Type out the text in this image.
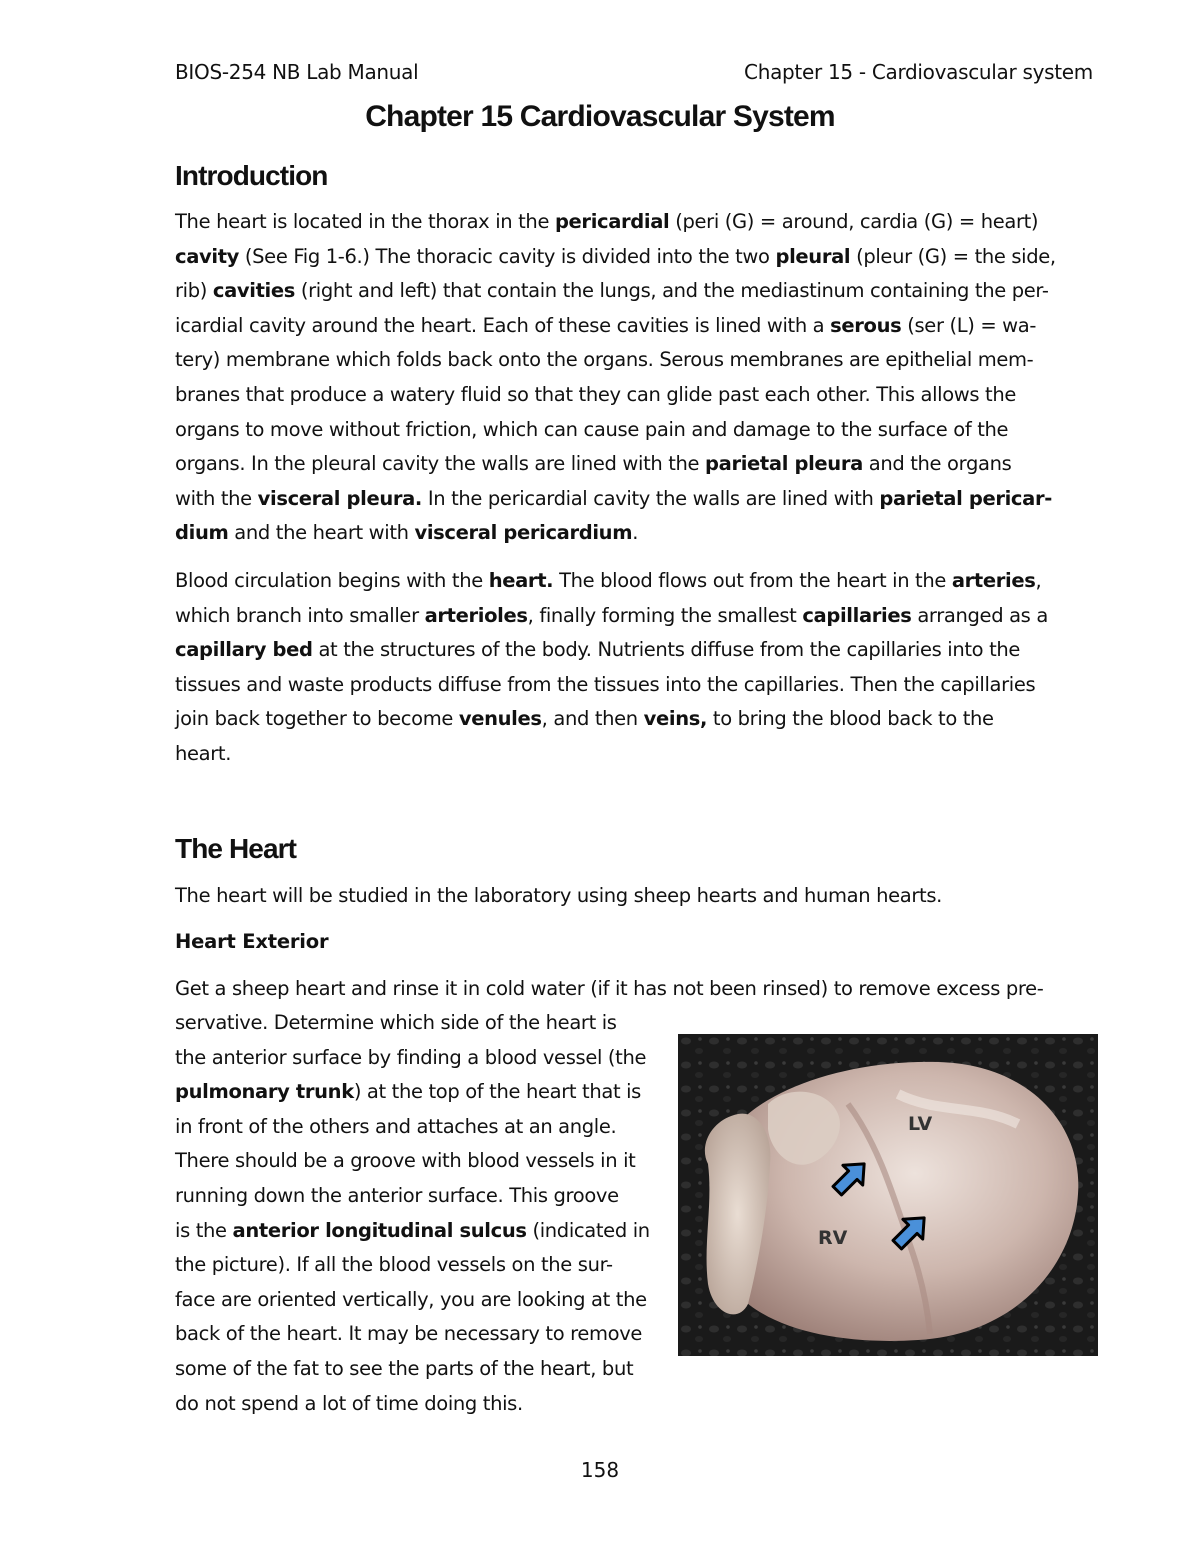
BIOS-254 NB Lab Manual	Chapter 15 - Cardiovascular system
Chapter 15 Cardiovascular System
Introduction
The heart is located in the thorax in the pericardial (peri (G) = around, cardia (G) = heart)
cavity (See Fig 1-6.) The thoracic cavity is divided into the two pleural (pleur (G) = the side,
rib) cavities (right and left) that contain the lungs, and the mediastinum containing the per-
icardial cavity around the heart. Each of these cavities is lined with a serous (ser (L) = wa-
tery) membrane which folds back onto the organs. Serous membranes are epithelial mem-
branes that produce a watery fluid so that they can glide past each other. This allows the
organs to move without friction, which can cause pain and damage to the surface of the
organs. In the pleural cavity the walls are lined with the parietal pleura and the organs
with the visceral pleura. In the pericardial cavity the walls are lined with parietal pericar-
dium and the heart with visceral pericardium.
Blood circulation begins with the heart. The blood flows out from the heart in the arteries,
which branch into smaller arterioles, finally forming the smallest capillaries arranged as a
capillary bed at the structures of the body. Nutrients diffuse from the capillaries into the
tissues and waste products diffuse from the tissues into the capillaries. Then the capillaries
join back together to become venules, and then veins, to bring the blood back to the
heart.
The Heart
The heart will be studied in the laboratory using sheep hearts and human hearts.
Heart Exterior
Get a sheep heart and rinse it in cold water (if it has not been rinsed) to remove excess pre-
servative. Determine which side of the heart is
the anterior surface by finding a blood vessel (the
pulmonary trunk) at the top of the heart that is
in front of the others and attaches at an angle.
There should be a groove with blood vessels in it
running down the anterior surface. This groove
is the anterior longitudinal sulcus (indicated in
the picture). If all the blood vessels on the sur-
face are oriented vertically, you are looking at the
back of the heart. It may be necessary to remove
some of the fat to see the parts of the heart, but
do not spend a lot of time doing this.
LV
RV
158
